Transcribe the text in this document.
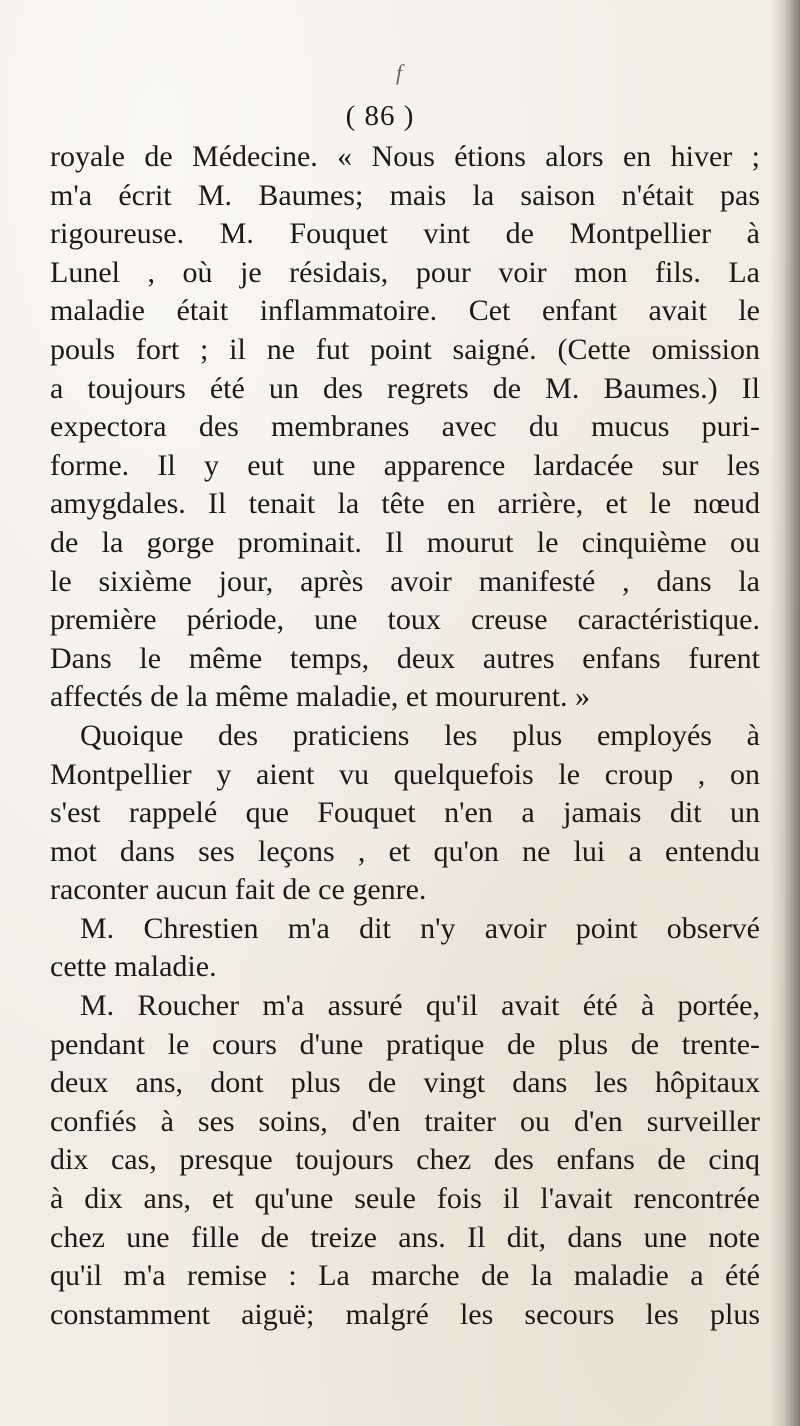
f
( 86 )
royale de Médecine. « Nous étions alors en hiver ;
m'a écrit M. Baumes; mais la saison n'était pas
rigoureuse. M. Fouquet vint de Montpellier à
Lunel , où je résidais, pour voir mon fils. La
maladie était inflammatoire. Cet enfant avait le
pouls fort ; il ne fut point saigné. (Cette omission
a toujours été un des regrets de M. Baumes.) Il
expectora des membranes avec du mucus puri-
forme. Il y eut une apparence lardacée sur les
amygdales. Il tenait la tête en arrière, et le nœud
de la gorge prominait. Il mourut le cinquième ou
le sixième jour, après avoir manifesté , dans la
première période, une toux creuse caractéristique.
Dans le même temps, deux autres enfans furent
affectés de la même maladie, et moururent. »
Quoique des praticiens les plus employés à
Montpellier y aient vu quelquefois le croup , on
s'est rappelé que Fouquet n'en a jamais dit un
mot dans ses leçons , et qu'on ne lui a entendu
raconter aucun fait de ce genre.
M. Chrestien m'a dit n'y avoir point observé
cette maladie.
M. Roucher m'a assuré qu'il avait été à portée,
pendant le cours d'une pratique de plus de trente-
deux ans, dont plus de vingt dans les hôpitaux
confiés à ses soins, d'en traiter ou d'en surveiller
dix cas, presque toujours chez des enfans de cinq
à dix ans, et qu'une seule fois il l'avait rencontrée
chez une fille de treize ans. Il dit, dans une note
qu'il m'a remise : La marche de la maladie a été
constamment aiguë; malgré les secours les plus
